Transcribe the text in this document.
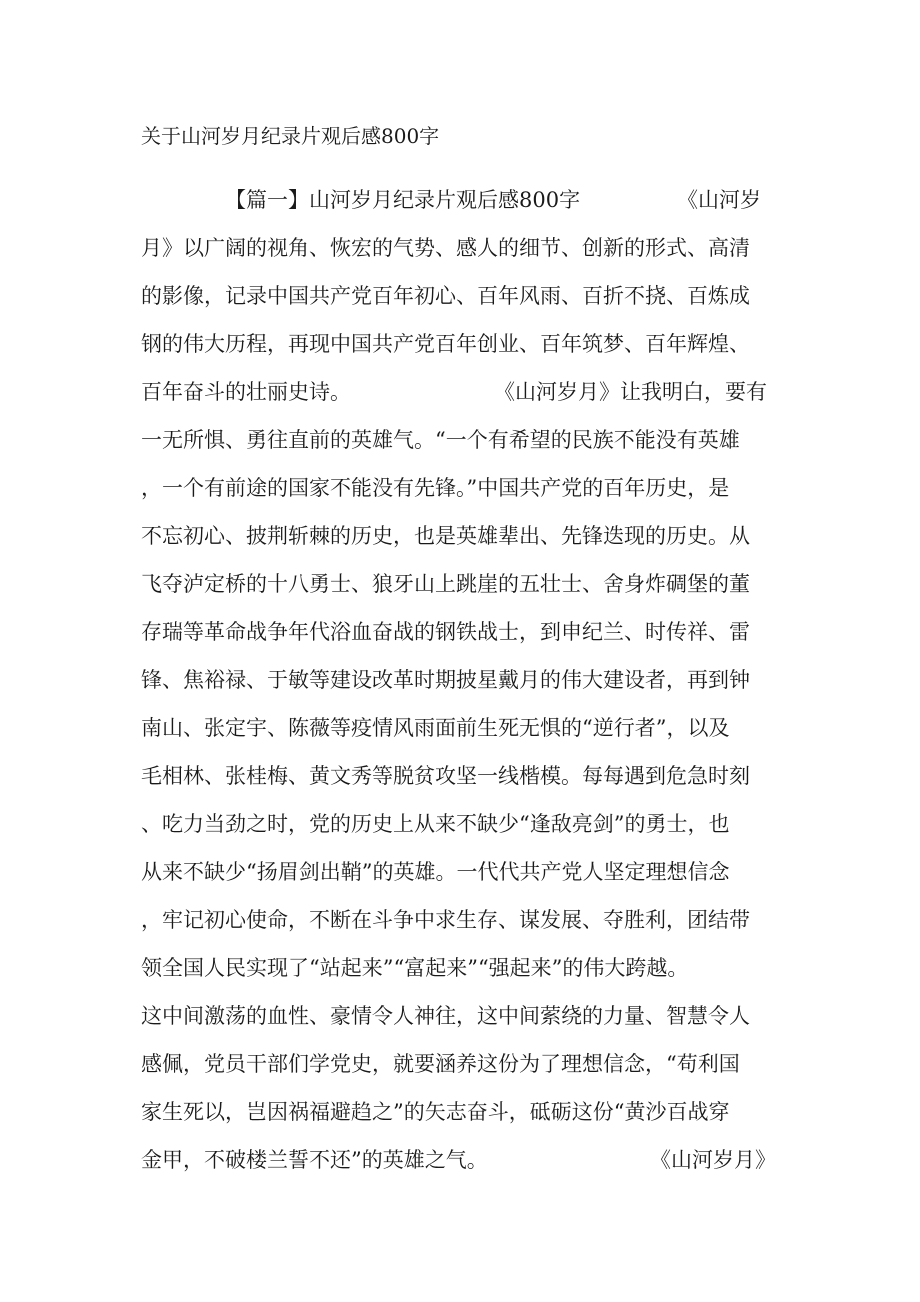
关于山河岁月纪录片观后感800字
【篇一】山河岁月纪录片观后感800字	《山河岁
月》以广阔的视角、恢宏的气势、感人的细节、创新的形式、高清
的影像，记录中国共产党百年初心、百年风雨、百折不挠、百炼成
钢的伟大历程，再现中国共产党百年创业、百年筑梦、百年辉煌、
百年奋斗的壮丽史诗。	《山河岁月》让我明白，要有
一无所惧、勇往直前的英雄气。“一个有希望的民族不能没有英雄
，一个有前途的国家不能没有先锋。”中国共产党的百年历史，是
不忘初心、披荆斩棘的历史，也是英雄辈出、先锋迭现的历史。从
飞夺泸定桥的十八勇士、狼牙山上跳崖的五壮士、舍身炸碉堡的董
存瑞等革命战争年代浴血奋战的钢铁战士，到申纪兰、时传祥、雷
锋、焦裕禄、于敏等建设改革时期披星戴月的伟大建设者，再到钟
南山、张定宇、陈薇等疫情风雨面前生死无惧的“逆行者”，以及
毛相林、张桂梅、黄文秀等脱贫攻坚一线楷模。每每遇到危急时刻
、吃力当劲之时，党的历史上从来不缺少“逢敌亮剑”的勇士，也
从来不缺少“扬眉剑出鞘”的英雄。一代代共产党人坚定理想信念
，牢记初心使命，不断在斗争中求生存、谋发展、夺胜利，团结带
领全国人民实现了“站起来”“富起来”“强起来”的伟大跨越。
这中间激荡的血性、豪情令人神往，这中间萦绕的力量、智慧令人
感佩，党员干部们学党史，就要涵养这份为了理想信念，“苟利国
家生死以，岂因祸福避趋之”的矢志奋斗，砥砺这份“黄沙百战穿
金甲，不破楼兰誓不还”的英雄之气。	《山河岁月》
